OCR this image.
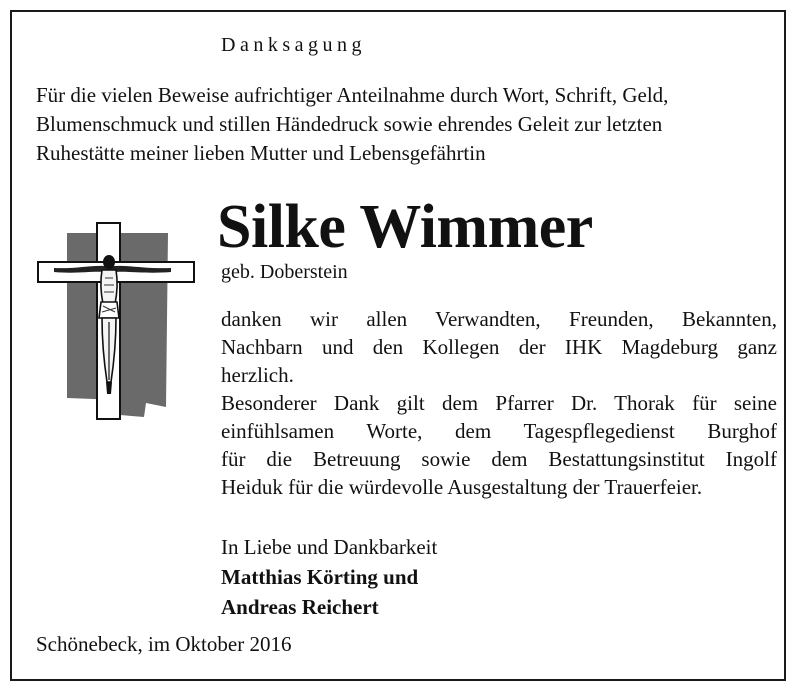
Danksagung
Für die vielen Beweise aufrichtiger Anteilnahme durch Wort, Schrift, Geld,
Blumenschmuck und stillen Händedruck sowie ehrendes Geleit zur letzten
Ruhestätte meiner lieben Mutter und Lebensgefährtin
Silke Wimmer
geb. Doberstein
danken wir allen Verwandten, Freunden, Bekannten,
Nachbarn und den Kollegen der IHK Magdeburg ganz
herzlich.
Besonderer Dank gilt dem Pfarrer Dr. Thorak für seine
einfühlsamen Worte, dem Tagespflegedienst Burghof
für die Betreuung sowie dem Bestattungsinstitut Ingolf
Heiduk für die würdevolle Ausgestaltung der Trauerfeier.
In Liebe und Dankbarkeit
Matthias Körting und
Andreas Reichert
Schönebeck, im Oktober 2016
